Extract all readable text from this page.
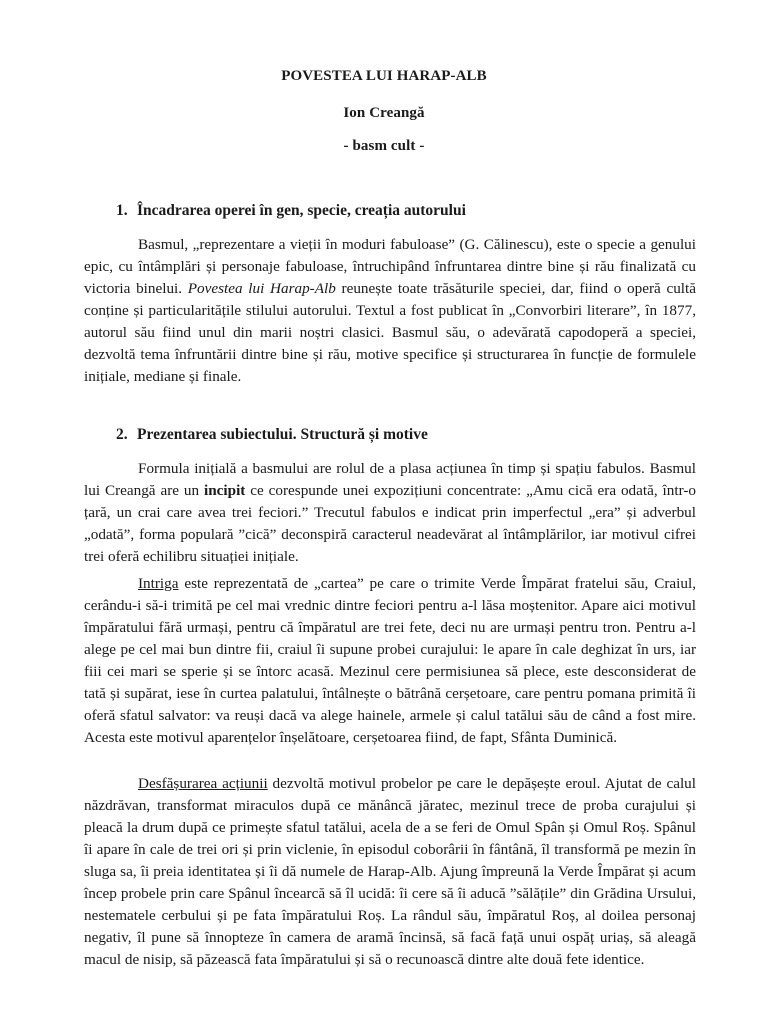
POVESTEA LUI HARAP-ALB
Ion Creangă
- basm cult -
1. Încadrarea operei în gen, specie, creația autorului

Basmul, „reprezentare a vieții în moduri fabuloase” (G. Călinescu), este o specie a genului epic, cu întâmplări și personaje fabuloase, întruchipând înfruntarea dintre bine și rău finalizată cu victoria binelui. Povestea lui Harap-Alb reunește toate trăsăturile speciei, dar, fiind o operă cultă conține și particularitățile stilului autorului. Textul a fost publicat în „Convorbiri literare”, în 1877, autorul său fiind unul din marii noștri clasici. Basmul său, o adevărată capodoperă a speciei, dezvoltă tema înfruntării dintre bine și rău, motive specifice și structurarea în funcție de formulele inițiale, mediane și finale.

2. Prezentarea subiectului. Structură și motive

Formula inițială a basmului are rolul de a plasa acțiunea în timp și spațiu fabulos. Basmul lui Creangă are un incipit ce corespunde unei expozițiuni concentrate: „Amu cică era odată, într-o țară, un crai care avea trei feciori.” Trecutul fabulos e indicat prin imperfectul „era” și adverbul „odată”, forma populară ”cică” deconspiră caracterul neadevărat al întâmplărilor, iar motivul cifrei trei oferă echilibru situației inițiale.

Intriga este reprezentată de „cartea” pe care o trimite Verde Împărat fratelui său, Craiul, cerându-i să-i trimită pe cel mai vrednic dintre feciori pentru a-l lăsa moștenitor. Apare aici motivul împăratului fără urmași, pentru că împăratul are trei fete, deci nu are urmași pentru tron. Pentru a-l alege pe cel mai bun dintre fii, craiul îi supune probei curajului: le apare în cale deghizat în urs, iar fiii cei mari se sperie și se întorc acasă. Mezinul cere permisiunea să plece, este desconsiderat de tată și supărat, iese în curtea palatului, întâlnește o bătrână cerșetoare, care pentru pomana primită îi oferă sfatul salvator: va reuși dacă va alege hainele, armele și calul tatălui său de când a fost mire. Acesta este motivul aparențelor înșelătoare, cerșetoarea fiind, de fapt, Sfânta Duminică.

Desfășurarea acțiunii dezvoltă motivul probelor pe care le depășește eroul. Ajutat de calul năzdrăvan, transformat miraculos după ce mănâncă jăratec, mezinul trece de proba curajului și pleacă la drum după ce primește sfatul tatălui, acela de a se feri de Omul Spân și Omul Roș. Spânul îi apare în cale de trei ori și prin viclenie, în episodul coborârii în fântână, îl transformă pe mezin în sluga sa, îi preia identitatea și îi dă numele de Harap-Alb. Ajung împreună la Verde Împărat și acum încep probele prin care Spânul încearcă să îl ucidă: îi cere să îi aducă ”sălățile” din Grădina Ursului, nestematele cerbului și pe fata împăratului Roș. La rândul său, împăratul Roș, al doilea personaj negativ, îl pune să înnopteze în camera de aramă încinsă, să facă față unui ospăț uriaș, să aleagă macul de nisip, să păzească fata împăratului și să o recunoască dintre alte două fete identice.
